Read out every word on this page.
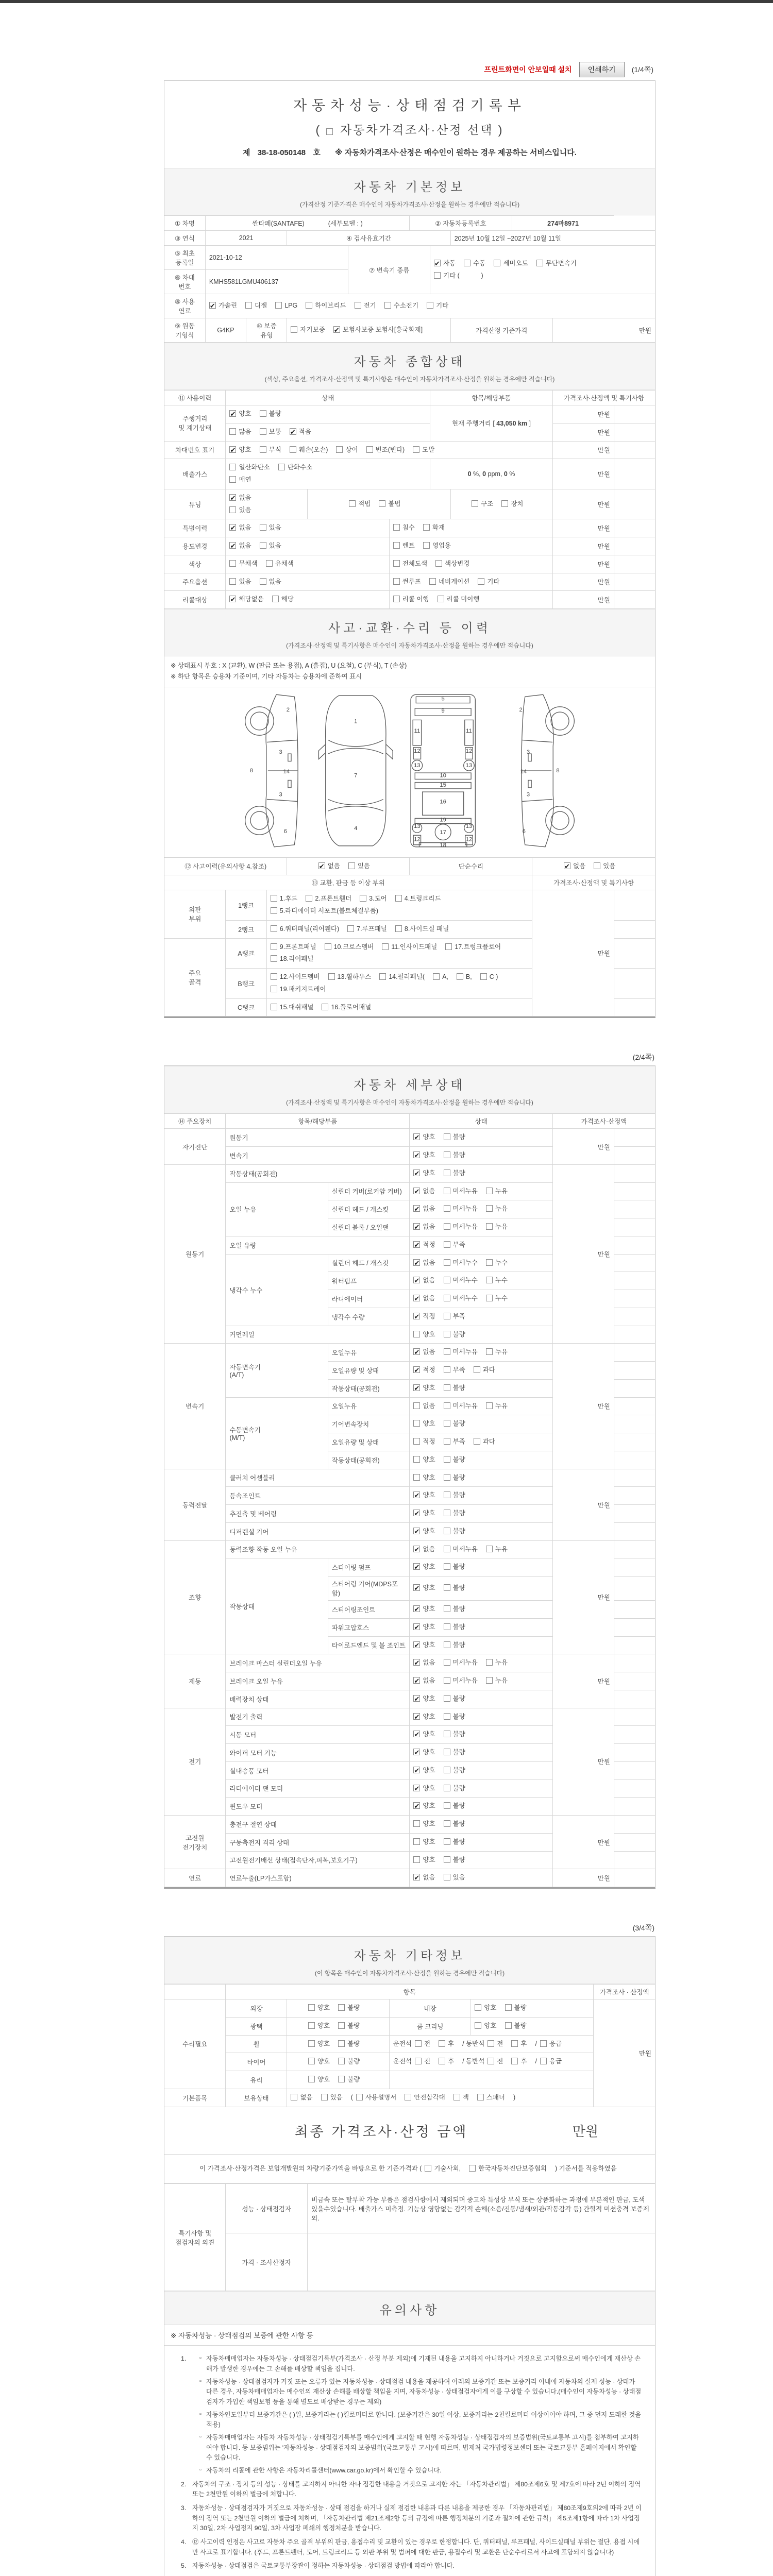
프린트화면이 안보일때 설치	인쇄하기	(1/4쪽)
자동차성능·상태점검기록부
(  자동차가격조사·산정 선택 )
제 38-18-050148 호 ※ 자동차가격조사·산정은 매수인이 원하는 경우 제공하는 서비스입니다.
자동차 기본정보
(가격산정 기준가격은 매수인이 자동차가격조사·산정을 원하는 경우에만 적습니다)
① 차명	싼타페(SANTAFE) (세부모델 : )				② 자동차등록번호			274마8971	
③ 연식	2021		④ 검사유효기간				2025년 10월 12일 ~2027년 10월 11일		
⑤ 최초
등록일	2021-10-12			⑦ 변속기 종류	✔자동 수동 세미오토 무단변속기
기타 (            )
⑥ 차대
번호	KMHS581LGMU406137								
⑧ 사용
연료	✔가솔린 디젤 LPG 하이브리드 전기 수소전기 기타
⑨ 원동
기형식	G4KP	⑩ 보증
유형	자기보증 ✔ 보험사보증 보험사[흥국화재]				가격산정 기준가격		만원
자동차 종합상태
(색상, 주요옵션, 가격조사·산정액 및 특기사항은 매수인이 자동차가격조사·산정을 원하는 경우에만 적습니다)
⑪ 사용이력	상태			항목/해당부품		가격조사·산정액 및 특기사항	
주행거리
및 계기상태	✔양호 불량			현재 주행거리 [ 43,050 km ]		만원	
	많음 보통 ✔ 적음					만원	
차대번호 표기	✔양호 부식 훼손(오손) 상이 변조(변타) 도말					만원	
배출가스	일산화탄소 탄화수소
매연			0 %, 0 ppm, 0 %		만원	
튜닝	✔없음
있음	적법 불법			구조 장치	만원	
특별이력	✔없음 있음		침수 화재			만원	
용도변경	✔없음 있음		렌트 영업용			만원	
색상	무채색 유채색		전체도색 색상변경			만원	
주요옵션	있음 없음		썬루프 네비게이션 기타			만원	
리콜대상	✔해당없음 해당		리콜 이행 리콜 미이행			만원	
사고·교환·수리 등 이력
(가격조사·산정액 및 특기사항은 매수인이 자동차가격조사·산정을 원하는 경우에만 적습니다)
※ 상태표시 부호 : X (교환), W (판금 또는 용접), A (흠집), U (요철), C (부식), T (손상)
※ 하단 항목은 승용차 기준이며, 기타 자동차는 승용차에 준하여 표시
2
3
14
3
6
8
1
7
4
5
9
11	11
12	12
13	13
10
15
16
19
13	13
12	12
17
18
2
3
14
3
6
8
⑫ 사고이력(유의사항 4.참조)	✔없음 있음	단순수리	✔없음 있음
⑬ 교환, 판금 등 이상 부위					가격조사·산정액 및 특기사항	
외판
부위	1랭크	1.후드 2.프론트휀더 3.도어 4.트렁크리드5.라디에이터 서포트(볼트체결부품)			만원	
	2랭크	6.쿼터패널(리어휀다) 7.루프패널 8.사이드실 패널				
주요
골격	A랭크	9.프론트패널 10.크로스멤버 11.인사이드패널 17.트렁크플로어18.리어패널				
	B랭크	12.사이드멤버 13.휠하우스 14.필러패널( A, B, C )19.패키지트레이				
	C랭크	15.대쉬패널 16.플로어패널				
(2/4쪽)
자동차 세부상태
(가격조사·산정액 및 특기사항은 매수인이 자동차가격조사·산정을 원하는 경우에만 적습니다)
⑭ 주요장치	항목/해당부품		상태	가격조사·산정액	
자기진단	원동기	✔양호 불량	만원	
	변속기	✔양호 불량	
원동기	작동상태(공회전)	✔양호 불량	만원	
	오일 누유	실린더 커버(로커암 커버)	✔없음 미세누유 누유	
		실린더 헤드 / 개스킷	✔없음 미세누유 누유	
		실린더 블록 / 오일팬	✔없음 미세누유 누유	
	오일 유량	✔적정 부족	
	냉각수 누수	실린더 헤드 / 개스킷	✔없음 미세누수 누수	
		워터펌프	✔없음 미세누수 누수	
		라디에이터	✔없음 미세누수 누수	
		냉각수 수량	✔적정 부족	
	커먼레일		양호 불량		
변속기	자동변속기
(A/T)	오일누유	✔없음 미세누유 누유	만원	
		오일유량 및 상태	✔적정 부족 과다	
		작동상태(공회전)	✔양호 불량	
	수동변속기
(M/T)	오일누유	없음 미세누유 누유		
		기어변속장치	양호 불량		
		오일유량 및 상태	적정 부족 과다		
		작동상태(공회전)	양호 불량		
동력전달	클러치 어셈블리		양호 불량	만원	
	등속조인트	✔양호 불량	
	추진축 및 베어링	✔양호 불량	
	디퍼렌셜 기어	✔양호 불량	
조향	동력조향 작동 오일 누유	✔없음 미세누유 누유	만원	
	작동상태	스티어링 펌프	✔양호 불량	
		스티어링 기어(MDPS포함)	✔양호 불량	
		스티어링조인트	✔양호 불량	
		파워고압호스	✔양호 불량	
		타이로드엔드 및 볼 조인트	✔양호 불량	
제동	브레이크 마스터 실린더오일 누유	✔없음 미세누유 누유	만원	
	브레이크 오일 누유	✔없음 미세누유 누유	
	배력장치 상태	✔양호 불량	
전기	발전기 출력	✔양호 불량	만원	
	시동 모터	✔양호 불량	
	와이퍼 모터 기능	✔양호 불량	
	실내송풍 모터	✔양호 불량	
	라디에이터 팬 모터	✔양호 불량	
	윈도우 모터	✔양호 불량	
고전원
전기장치	충전구 절연 상태		양호 불량	만원	
	구동축전지 격리 상태		양호 불량		
	고전원전기배선 상태(접속단자,피복,보호기구)		양호 불량		
연료	연료누출(LP가스포함)	✔없음 있음	만원	
(3/4쪽)
자동차 기타정보
(이 항목은 매수인이 자동차가격조사·산정을 원하는 경우에만 적습니다)
	항목				가격조사 · 산정액
수리필요	외장	양호 불량	내장	양호 불량	만원
	광택	양호 불량	룸 크리닝	양호 불량	
	휠	양호 불량	운전석 전 후 / 동반석 전 후 / 응급		
	타이어	양호 불량	운전석 전 후 / 동반석 전 후 / 응급		
	유리	양호 불량			
기본품목	보유상태	없음 있음 ( 사용설명서 안전삼각대 잭 스패너 )			
최종 가격조사·산정 금액	만원
이 가격조사·산정가격은 보험개발원의 차량기준가액을 바탕으로 한 기준가격과 ( 기술사회,	한국자동차진단보증협회 ) 기준서를 적용하였음
특기사항 및
점검자의 의견	성능 · 상태점검자	비금속 또는 탈부착 가능 부품은 점검사항에서 제외되며 중고차 특성상 부식 또는 상품화하는 과정에 부분적인 판금, 도색 있을수있습니다. 배출가스 미측정. 기능상 영향없는 감각적 손해(소음/진동/냄새/외관/작동감각 등) 간헐적 미션충격 보증제외.
	가격 · 조사산정자	
유의사항
※ 자동차성능 · 상태점검의 보증에 관한 사항 등
▫ 자동차매매업자는 자동차성능 · 상태점검기록부(가격조사 · 산정 부분 제외)에 기재된 내용을 고지하지 아니하거나 거짓으로 고지함으로써 매수인에게 재산상 손해가 발생한 경우에는 그 손해를 배상할 책임을 집니다.
▫ 자동차성능 · 상태점검자가 거짓 또는 오류가 있는 자동차성능 · 상태점검 내용을 제공하여 아래의 보증기간 또는 보증거리 이내에 자동차의 실제 성능 · 상태가 다른 경우, 자동차매매업자는 매수인의 재산상 손해를 배상할 책임을 지며, 자동차성능 · 상태점검자에게 이를 구상할 수 있습니다.(매수인이 자동차성능 · 상태점검자가 가입한 책임보험 등을 통해 별도로 배상받는 경우는 제외)
▫ 자동차인도일부터 보증기간은 ( )일, 보증거리는 ( )킬로미터로 합니다. (보증기간은 30일 이상, 보증거리는 2천킬로미터 이상이어야 하며, 그 중 먼저 도래한 것을 적용)
▫ 자동차매매업자는 자동차 자동차성능 · 상태점검기록부를 매수인에게 고지할 때 현행 자동차성능 · 상태점검자의 보증범위(국토교통부 고시)를 첨부하여 고지하여야 합니다. 동 보증범위는 '자동차성능 · 상태점검자의 보증범위'(국토교통부 고시)에 따르며, 법제처 국가법령정보센터 또는 국토교통부 홈페이지에서 확인할 수 있습니다.
▫ 자동차의 리콜에 관한 사항은 자동차리콜센터(www.car.go.kr)에서 확인할 수 있습니다.
자동차의 구조 · 장치 등의 성능 · 상태를 고지하지 아니한 자나 점검한 내용을 거짓으로 고지한 자는 「자동차관리법」 제80조제6호 및 제7호에 따라 2년 이하의 징역 또는 2천만원 이하의 벌금에 처합니다.
자동차성능 · 상태점검자가 거짓으로 자동차성능 · 상태 점검을 하거나 실제 점검한 내용과 다른 내용을 제공한 경우 「자동차관리법」 제80조제9호의2에 따라 2년 이하의 징역 또는 2천만원 이하의 벌금에 처하며, 「자동차관리법 제21조제2항 등의 규정에 따른 행정처분의 기준과 절차에 관한 규칙」 제5조제1항에 따라 1차 사업정지 30일, 2차 사업정지 90일, 3차 사업장 폐쇄의 행정처분을 받습니다.
⑫ 사고이력 인정은 사고로 자동차 주요 골격 부위의 판금, 용접수리 및 교환이 있는 경우로 한정합니다. 단, 쿼터패널, 루프패널, 사이드실패널 부위는 절단, 용접 시에만 사고로 표기합니다. (후드, 프론트펜더, 도어, 트렁크리드 등 외판 부위 및 범퍼에 대한 판금, 용접수리 및 교환은 단순수리로서 사고에 포함되지 않습니다)
자동차성능 · 상태점검은 국토교통부장관이 정하는 자동차성능 · 상태점검 방법에 따라야 합니다.
